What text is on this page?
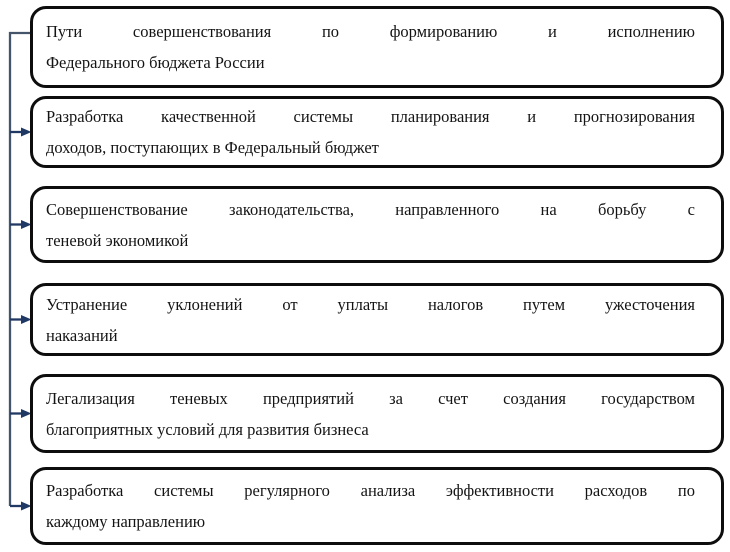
Пути совершенствования по формированию и исполнению
Федерального бюджета России
Разработка качественной системы планирования и прогнозирования
доходов, поступающих в Федеральный бюджет
Совершенствование законодательства, направленного на борьбу с
теневой экономикой
Устранение уклонений от уплаты налогов путем ужесточения
наказаний
Легализация теневых предприятий за счет создания государством
благоприятных условий для развития бизнеса
Разработка системы регулярного анализа эффективности расходов по
каждому направлению
